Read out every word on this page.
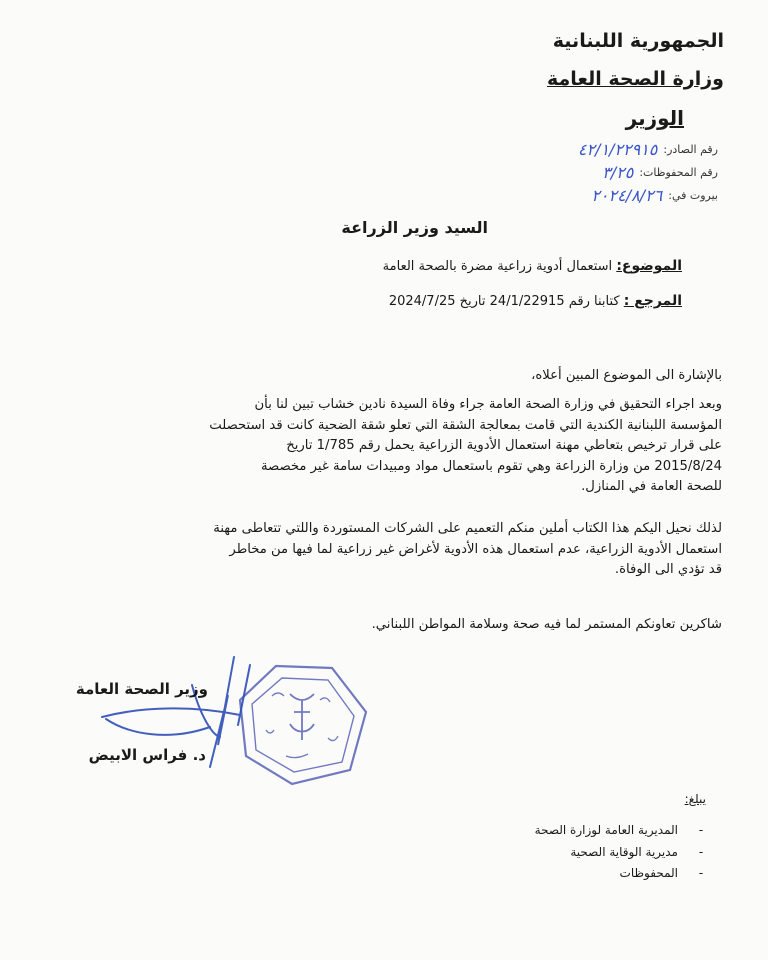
الجمهورية اللبنانية
وزارة الصحة العامة
الوزير
رقم الصادر:
٤٢/١/٢٢٩١٥
رقم المحفوظات:
٣/٢٥
بيروت في:
٢٠٢٤/٨/٢٦
السيد وزير الزراعة
الموضوع: استعمال أدوية زراعية مضرة بالصحة العامة
المرجع : كتابنا رقم 24/1/22915 تاريخ 2024/7/25
بالإشارة الى الموضوع المبين أعلاه،
وبعد اجراء التحقيق في وزارة الصحة العامة جراء وفاة السيدة نادين خشاب تبين لنا بأن
المؤسسة اللبنانية الكندية التي قامت بمعالجة الشقة التي تعلو شقة الضحية كانت قد استحصلت
على قرار ترخيص بتعاطي مهنة استعمال الأدوية الزراعية يحمل رقم 1/785 تاريخ
2015/8/24 من وزارة الزراعة وهي تقوم باستعمال مواد ومبيدات سامة غير مخصصة
للصحة العامة في المنازل.
لذلك نحيل اليكم هذا الكتاب أملين منكم التعميم على الشركات المستوردة واللتي تتعاطى مهنة
استعمال الأدوية الزراعية، عدم استعمال هذه الأدوية لأغراض غير زراعية لما فيها من مخاطر
قد تؤدي الى الوفاة.
شاكرين تعاونكم المستمر لما فيه صحة وسلامة المواطن اللبناني.
وزير الصحة العامة
د. فراس الابيض
يبلغ:
-
المديرية العامة لوزارة الصحة
-
مديرية الوقاية الصحية
-
المحفوظات
